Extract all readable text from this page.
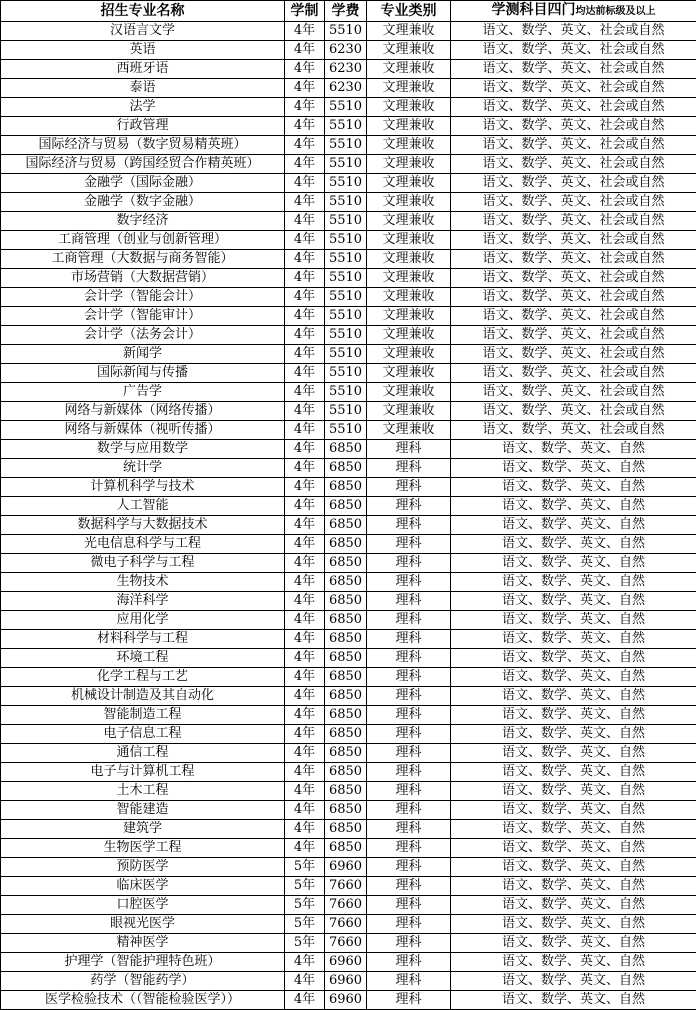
招生专业名称	学制	学费	专业类别	学测科目四门均达前标级及以上
汉语言文学	4年	5510	文理兼收	语文、数学、英文、社会或自然
英语	4年	6230	文理兼收	语文、数学、英文、社会或自然
西班牙语	4年	6230	文理兼收	语文、数学、英文、社会或自然
泰语	4年	6230	文理兼收	语文、数学、英文、社会或自然
法学	4年	5510	文理兼收	语文、数学、英文、社会或自然
行政管理	4年	5510	文理兼收	语文、数学、英文、社会或自然
国际经济与贸易（数字贸易精英班）	4年	5510	文理兼收	语文、数学、英文、社会或自然
国际经济与贸易（跨国经贸合作精英班）	4年	5510	文理兼收	语文、数学、英文、社会或自然
金融学（国际金融）	4年	5510	文理兼收	语文、数学、英文、社会或自然
金融学（数字金融）	4年	5510	文理兼收	语文、数学、英文、社会或自然
数字经济	4年	5510	文理兼收	语文、数学、英文、社会或自然
工商管理（创业与创新管理）	4年	5510	文理兼收	语文、数学、英文、社会或自然
工商管理（大数据与商务智能）	4年	5510	文理兼收	语文、数学、英文、社会或自然
市场营销（大数据营销）	4年	5510	文理兼收	语文、数学、英文、社会或自然
会计学（智能会计）	4年	5510	文理兼收	语文、数学、英文、社会或自然
会计学（智能审计）	4年	5510	文理兼收	语文、数学、英文、社会或自然
会计学（法务会计）	4年	5510	文理兼收	语文、数学、英文、社会或自然
新闻学	4年	5510	文理兼收	语文、数学、英文、社会或自然
国际新闻与传播	4年	5510	文理兼收	语文、数学、英文、社会或自然
广告学	4年	5510	文理兼收	语文、数学、英文、社会或自然
网络与新媒体（网络传播）	4年	5510	文理兼收	语文、数学、英文、社会或自然
网络与新媒体（视听传播）	4年	5510	文理兼收	语文、数学、英文、社会或自然
数学与应用数学	4年	6850	理科	语文、数学、英文、自然
统计学	4年	6850	理科	语文、数学、英文、自然
计算机科学与技术	4年	6850	理科	语文、数学、英文、自然
人工智能	4年	6850	理科	语文、数学、英文、自然
数据科学与大数据技术	4年	6850	理科	语文、数学、英文、自然
光电信息科学与工程	4年	6850	理科	语文、数学、英文、自然
微电子科学与工程	4年	6850	理科	语文、数学、英文、自然
生物技术	4年	6850	理科	语文、数学、英文、自然
海洋科学	4年	6850	理科	语文、数学、英文、自然
应用化学	4年	6850	理科	语文、数学、英文、自然
材料科学与工程	4年	6850	理科	语文、数学、英文、自然
环境工程	4年	6850	理科	语文、数学、英文、自然
化学工程与工艺	4年	6850	理科	语文、数学、英文、自然
机械设计制造及其自动化	4年	6850	理科	语文、数学、英文、自然
智能制造工程	4年	6850	理科	语文、数学、英文、自然
电子信息工程	4年	6850	理科	语文、数学、英文、自然
通信工程	4年	6850	理科	语文、数学、英文、自然
电子与计算机工程	4年	6850	理科	语文、数学、英文、自然
土木工程	4年	6850	理科	语文、数学、英文、自然
智能建造	4年	6850	理科	语文、数学、英文、自然
建筑学	4年	6850	理科	语文、数学、英文、自然
生物医学工程	4年	6850	理科	语文、数学、英文、自然
预防医学	5年	6960	理科	语文、数学、英文、自然
临床医学	5年	7660	理科	语文、数学、英文、自然
口腔医学	5年	7660	理科	语文、数学、英文、自然
眼视光医学	5年	7660	理科	语文、数学、英文、自然
精神医学	5年	7660	理科	语文、数学、英文、自然
护理学（智能护理特色班）	4年	6960	理科	语文、数学、英文、自然
药学（智能药学）	4年	6960	理科	语文、数学、英文、自然
医学检验技术（（智能检验医学））	4年	6960	理科	语文、数学、英文、自然
